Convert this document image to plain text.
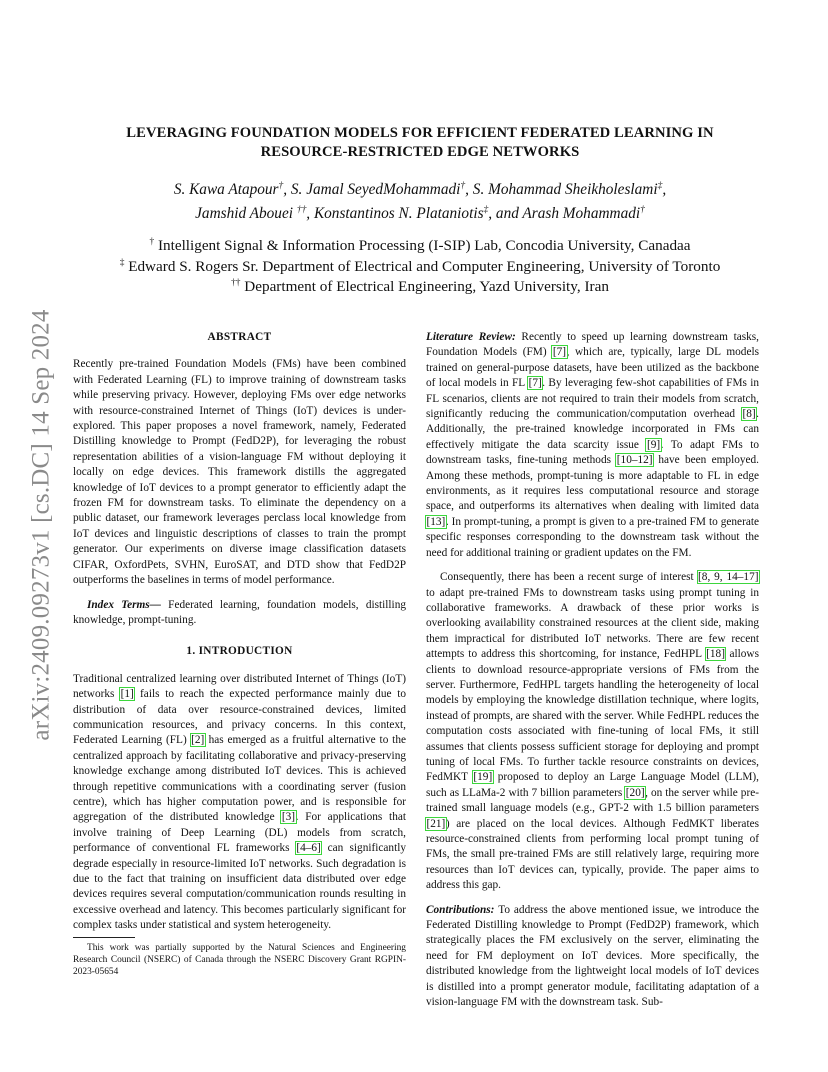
arXiv:2409.09273v1 [cs.DC] 14 Sep 2024
LEVERAGING FOUNDATION MODELS FOR EFFICIENT FEDERATED LEARNING IN
RESOURCE-RESTRICTED EDGE NETWORKS
S. Kawa Atapour†, S. Jamal SeyedMohammadi†, S. Mohammad Sheikholeslami‡,
Jamshid Abouei ††, Konstantinos N. Plataniotis‡, and Arash Mohammadi†
† Intelligent Signal & Information Processing (I-SIP) Lab, Concodia University, Canadaa
‡ Edward S. Rogers Sr. Department of Electrical and Computer Engineering, University of Toronto
†† Department of Electrical Engineering, Yazd University, Iran
ABSTRACT

Recently pre-trained Foundation Models (FMs) have been combined with Federated Learning (FL) to improve training of downstream tasks while preserving privacy. However, deploying FMs over edge networks with resource-constrained Internet of Things (IoT) devices is under-explored. This paper proposes a novel framework, namely, Federated Distilling knowledge to Prompt (FedD2P), for leveraging the robust representation abilities of a vision-language FM without deploying it locally on edge devices. This framework distills the aggregated knowledge of IoT devices to a prompt generator to efficiently adapt the frozen FM for downstream tasks. To eliminate the dependency on a public dataset, our framework leverages perclass local knowledge from IoT devices and linguistic descriptions of classes to train the prompt generator. Our experiments on diverse image classification datasets CIFAR, OxfordPets, SVHN, EuroSAT, and DTD show that FedD2P outperforms the baselines in terms of model performance.

Index Terms— Federated learning, foundation models, distilling knowledge, prompt-tuning.

1. INTRODUCTION

Traditional centralized learning over distributed Internet of Things (IoT) networks [1] fails to reach the expected performance mainly due to distribution of data over resource-constrained devices, limited communication resources, and privacy concerns. In this context, Federated Learning (FL) [2] has emerged as a fruitful alternative to the centralized approach by facilitating collaborative and privacy-preserving knowledge exchange among distributed IoT devices. This is achieved through repetitive communications with a coordinating server (fusion centre), which has higher computation power, and is responsible for aggregation of the distributed knowledge [3]. For applications that involve training of Deep Learning (DL) models from scratch, performance of conventional FL frameworks [4–6] can significantly degrade especially in resource-limited IoT networks. Such degradation is due to the fact that training on insufficient data distributed over edge devices requires several computation/communication rounds resulting in excessive overhead and latency. This becomes particularly significant for complex tasks under statistical and system heterogeneity.

This work was partially supported by the Natural Sciences and Engineering Research Council (NSERC) of Canada through the NSERC Discovery Grant RGPIN-2023-05654

Literature Review: Recently to speed up learning downstream tasks, Foundation Models (FM) [7], which are, typically, large DL models trained on general-purpose datasets, have been utilized as the backbone of local models in FL [7]. By leveraging few-shot capabilities of FMs in FL scenarios, clients are not required to train their models from scratch, significantly reducing the communication/computation overhead [8]. Additionally, the pre-trained knowledge incorporated in FMs can effectively mitigate the data scarcity issue [9]. To adapt FMs to downstream tasks, fine-tuning methods [10–12] have been employed. Among these methods, prompt-tuning is more adaptable to FL in edge environments, as it requires less computational resource and storage space, and outperforms its alternatives when dealing with limited data [13]. In prompt-tuning, a prompt is given to a pre-trained FM to generate specific responses corresponding to the downstream task without the need for additional training or gradient updates on the FM.

Consequently, there has been a recent surge of interest [8, 9, 14–17] to adapt pre-trained FMs to downstream tasks using prompt tuning in collaborative frameworks. A drawback of these prior works is overlooking availability constrained resources at the client side, making them impractical for distributed IoT networks. There are few recent attempts to address this shortcoming, for instance, FedHPL [18] allows clients to download resource-appropriate versions of FMs from the server. Furthermore, FedHPL targets handling the heterogeneity of local models by employing the knowledge distillation technique, where logits, instead of prompts, are shared with the server. While FedHPL reduces the computation costs associated with fine-tuning of local FMs, it still assumes that clients possess sufficient storage for deploying and prompt tuning of local FMs. To further tackle resource constraints on devices, FedMKT [19] proposed to deploy an Large Language Model (LLM), such as LLaMa-2 with 7 billion parameters [20], on the server while pre-trained small language models (e.g., GPT-2 with 1.5 billion parameters [21]) are placed on the local devices. Although FedMKT liberates resource-constrained clients from performing local prompt tuning of FMs, the small pre-trained FMs are still relatively large, requiring more resources than IoT devices can, typically, provide. The paper aims to address this gap.

Contributions: To address the above mentioned issue, we introduce the Federated Distilling knowledge to Prompt (FedD2P) framework, which strategically places the FM exclusively on the server, eliminating the need for FM deployment on IoT devices. More specifically, the distributed knowledge from the lightweight local models of IoT devices is distilled into a prompt generator module, facilitating adaptation of a vision-language FM with the downstream task. Sub-
